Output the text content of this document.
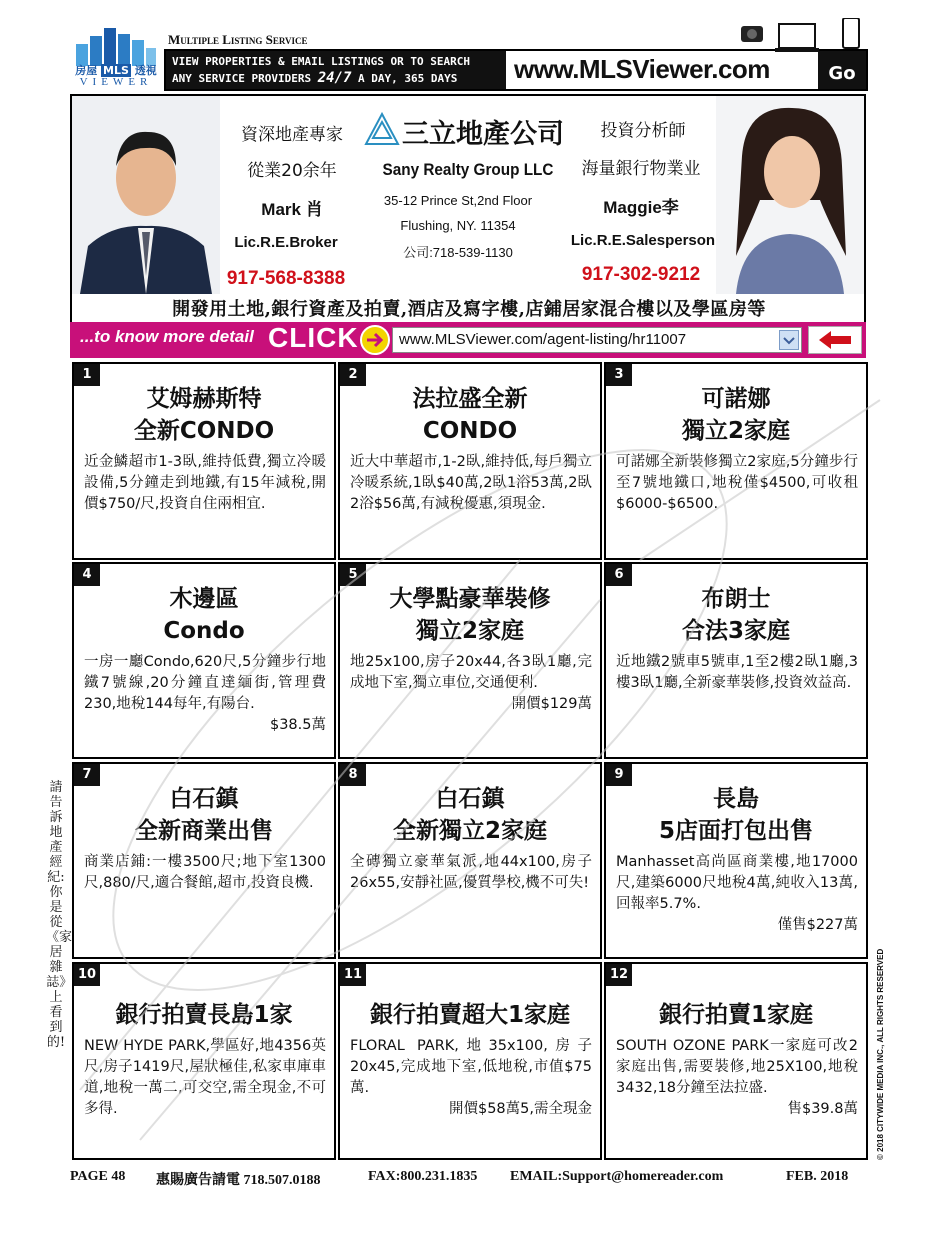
房屋 MLS 透視
VIEWER
Multiple Listing Service
VIEW PROPERTIES & EMAIL LISTINGS OR TO SEARCH
ANY SERVICE PROVIDERS 24/7 A DAY, 365 DAYS	www.MLSViewer.com	Go
資深地產專家
從業20余年
Mark 肖
Lic.R.E.Broker
917-568-8388
三立地產公司
Sany Realty Group LLC
35-12 Prince St,2nd Floor
Flushing, NY. 11354
公司:718-539-1130
投資分析師
海量銀行物業业
Maggie李
Lic.R.E.Salesperson
917-302-9212
開發用土地,銀行資產及拍賣,酒店及寫字樓,店鋪居家混合樓以及學區房等
...to know more detail CLICK	www.MLSViewer.com/agent-listing/hr11007
1
艾姆赫斯特
全新CONDO
近金鱗超市1-3臥,維持低費,獨立冷暖設備,5分鐘走到地鐵,有15年減稅,開價$750/尺,投資自住兩相宜.
2
法拉盛全新
CONDO
近大中華超市,1-2臥,維持低,每戶獨立冷暖系統,1臥$40萬,2臥1浴53萬,2臥2浴$56萬,有減稅優惠,須現金.
3
可諾娜
獨立2家庭
可諾娜全新裝修獨立2家庭,5分鐘步行至7號地鐵口,地稅僅$4500,可收租$6000-$6500.
4
木邊區
Condo
一房一廳Condo,620尺,5分鐘步行地鐵7號線,20分鐘直達緬街,管理費230,地稅144每年,有陽台.
$38.5萬
5
大學點豪華裝修
獨立2家庭
地25x100,房子20x44,各3臥1廳,完成地下室,獨立車位,交通便利.
開價$129萬
6
布朗士
合法3家庭
近地鐵2號車5號車,1至2樓2臥1廳,3樓3臥1廳,全新豪華裝修,投資效益高.
7
白石鎮
全新商業出售
商業店鋪:一樓3500尺;地下室1300尺,880/尺,適合餐館,超市,投資良機.
8
白石鎮
全新獨立2家庭
全磚獨立豪華氣派,地44x100,房子26x55,安靜社區,優質學校,機不可失!
9
長島
5店面打包出售
Manhasset高尚區商業樓,地17000尺,建築6000尺地稅4萬,純收入13萬,回報率5.7%.
僅售$227萬
10
銀行拍賣長島1家
NEW HYDE PARK,學區好,地4356英尺,房子1419尺,屋狀極佳,私家車庫車道,地稅一萬二,可交空,需全現金,不可多得.
11
銀行拍賣超大1家庭
FLORAL PARK,地35x100,房子20x45,完成地下室,低地稅,市值$75萬.
開價$58萬5,需全現金
12
銀行拍賣1家庭
SOUTH OZONE PARK一家庭可改2家庭出售,需要裝修,地25X100,地稅3432,18分鐘至法拉盛.
售$39.8萬
請告訴地產經紀:你是從《家居雜誌》上看到的!	© 2018 CITYWIDE MEDIA INC., ALL RIGHTS RESERVED
PAGE 48 惠賜廣告請電 718.507.0188	FAX:800.231.1835 EMAIL:Support@homereader.com	FEB. 2018
